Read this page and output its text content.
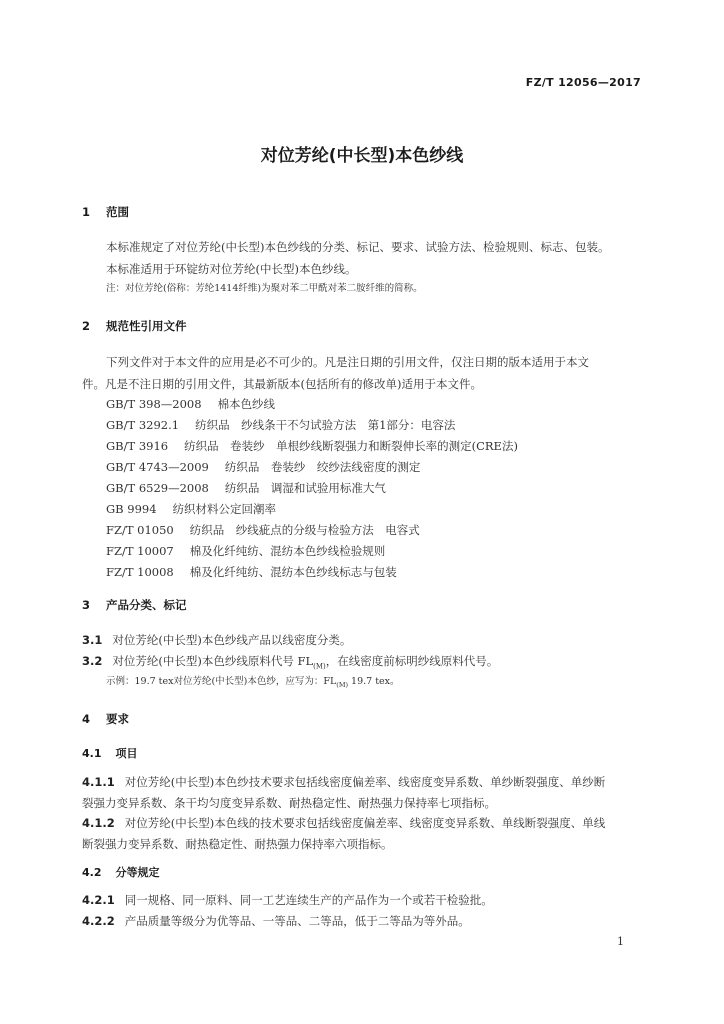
FZ/T 12056—2017
对位芳纶(中长型)本色纱线
1 范围
本标准规定了对位芳纶(中长型)本色纱线的分类、标记、要求、试验方法、检验规则、标志、包装。
本标准适用于环锭纺对位芳纶(中长型)本色纱线。
注：对位芳纶(俗称：芳纶1414纤维)为聚对苯二甲酰对苯二胺纤维的简称。
2 规范性引用文件
下列文件对于本文件的应用是必不可少的。凡是注日期的引用文件，仅注日期的版本适用于本文
件。凡是不注日期的引用文件，其最新版本(包括所有的修改单)适用于本文件。
GB/T 398—2008 棉本色纱线
GB/T 3292.1 纺织品　纱线条干不匀试验方法　第1部分：电容法
GB/T 3916 纺织品　卷装纱　单根纱线断裂强力和断裂伸长率的测定(CRE法)
GB/T 4743—2009 纺织品　卷装纱　绞纱法线密度的测定
GB/T 6529—2008 纺织品　调湿和试验用标准大气
GB 9994 纺织材料公定回潮率
FZ/T 01050 纺织品　纱线疵点的分级与检验方法　电容式
FZ/T 10007 棉及化纤纯纺、混纺本色纱线检验规则
FZ/T 10008 棉及化纤纯纺、混纺本色纱线标志与包装
3 产品分类、标记
3.1 对位芳纶(中长型)本色纱线产品以线密度分类。
3.2 对位芳纶(中长型)本色纱线原料代号 $FL_{(M)}$，在线密度前标明纱线原料代号。
示例：19.7 tex对位芳纶(中长型)本色纱，应写为：$FL_{(M)}$ 19.7 tex。
4 要求
4.1 项目
4.1.1 对位芳纶(中长型)本色纱技术要求包括线密度偏差率、线密度变异系数、单纱断裂强度、单纱断
裂强力变异系数、条干均匀度变异系数、耐热稳定性、耐热强力保持率七项指标。
4.1.2 对位芳纶(中长型)本色线的技术要求包括线密度偏差率、线密度变异系数、单线断裂强度、单线
断裂强力变异系数、耐热稳定性、耐热强力保持率六项指标。
4.2 分等规定
4.2.1 同一规格、同一原料、同一工艺连续生产的产品作为一个或若干检验批。
4.2.2 产品质量等级分为优等品、一等品、二等品，低于二等品为等外品。
1
